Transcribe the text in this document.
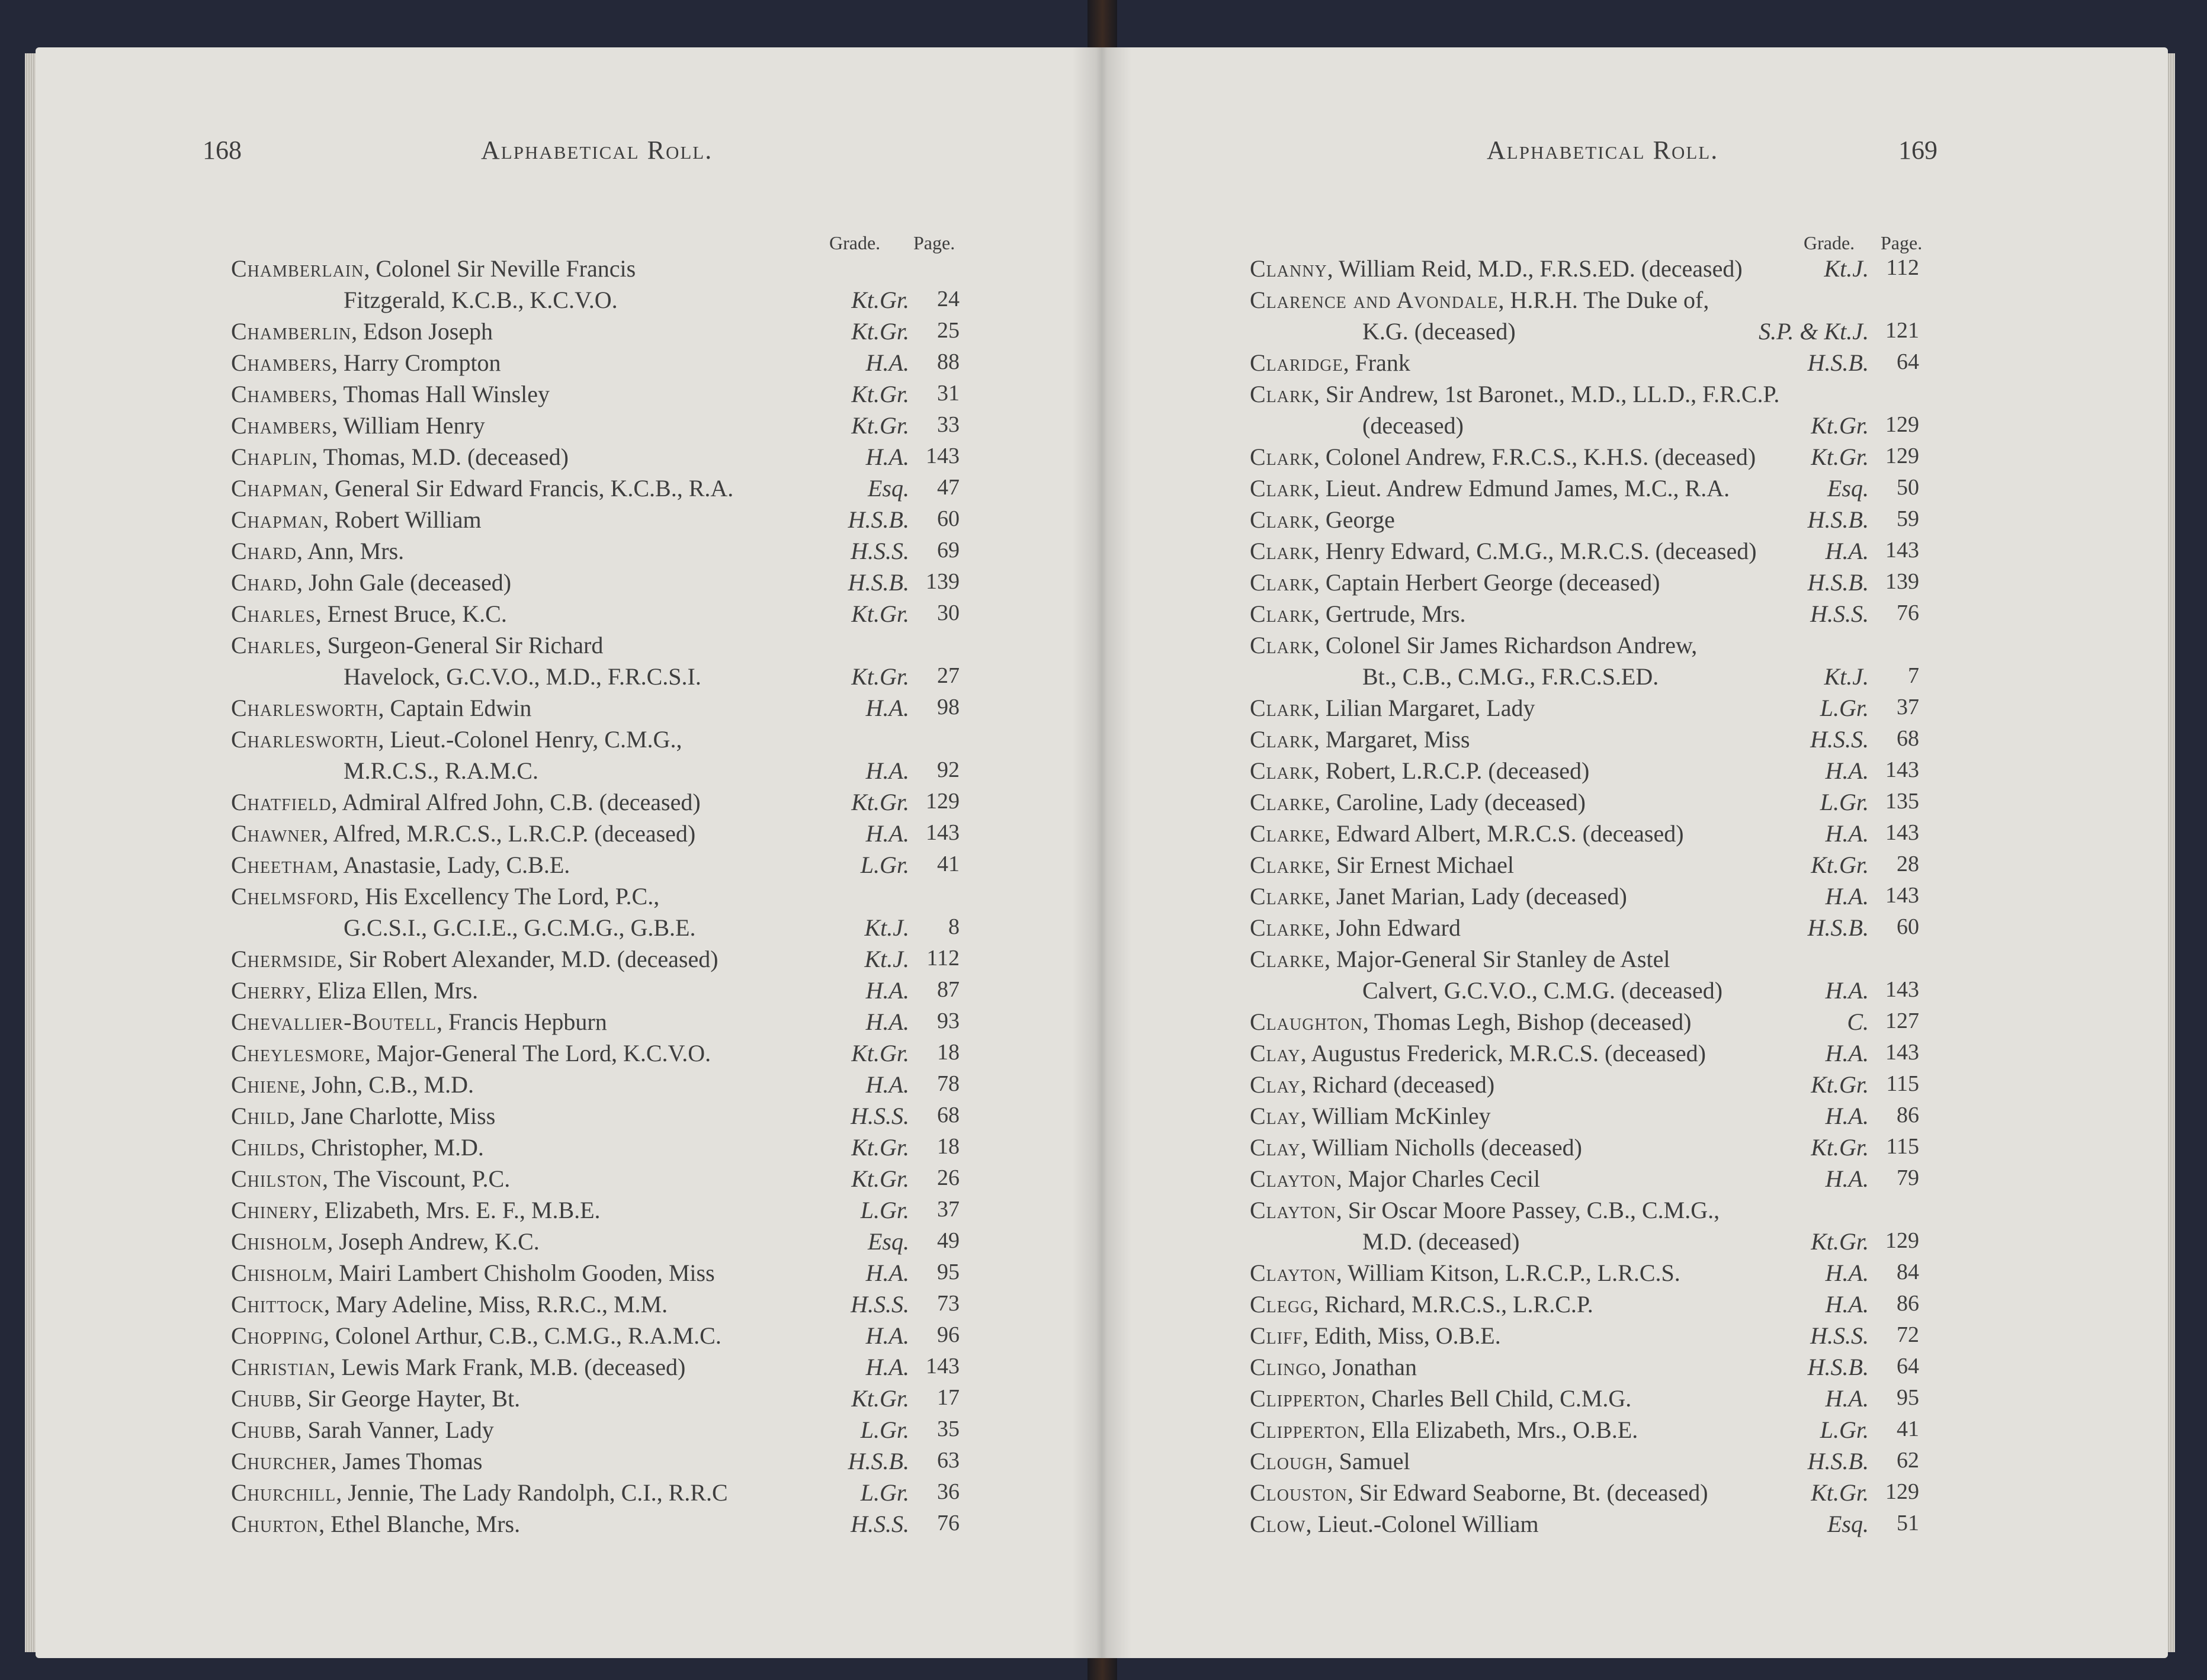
168	Alphabetical Roll.
Grade. Page.
Chamberlain, Colonel Sir Neville Francis
Fitzgerald, K.C.B., K.C.V.O.	Kt.Gr.	24
Chamberlin, Edson Joseph	Kt.Gr.	25
Chambers, Harry Crompton	H.A.	88
Chambers, Thomas Hall Winsley	Kt.Gr.	31
Chambers, William Henry	Kt.Gr.	33
Chaplin, Thomas, M.D. (deceased)	H.A. 143
Chapman, General Sir Edward Francis, K.C.B., R.A.	Esq.	47
Chapman, Robert William	H.S.B.	60
Chard, Ann, Mrs.	H.S.S.	69
Chard, John Gale (deceased)	H.S.B. 139
Charles, Ernest Bruce, K.C.	Kt.Gr.	30
Charles, Surgeon-General Sir Richard
Havelock, G.C.V.O., M.D., F.R.C.S.I.	Kt.Gr.	27
Charlesworth, Captain Edwin	H.A.	98
Charlesworth, Lieut.-Colonel Henry, C.M.G.,
M.R.C.S., R.A.M.C.	H.A.	92
Chatfield, Admiral Alfred John, C.B. (deceased)	Kt.Gr. 129
Chawner, Alfred, M.R.C.S., L.R.C.P. (deceased)	H.A. 143
Cheetham, Anastasie, Lady, C.B.E.	L.Gr.	41
Chelmsford, His Excellency The Lord, P.C.,
G.C.S.I., G.C.I.E., G.C.M.G., G.B.E.	Kt.J.	8
Chermside, Sir Robert Alexander, M.D. (deceased)	Kt.J. 112
Cherry, Eliza Ellen, Mrs.	H.A.	87
Chevallier-Boutell, Francis Hepburn	H.A.	93
Cheylesmore, Major-General The Lord, K.C.V.O.	Kt.Gr.	18
Chiene, John, C.B., M.D.	H.A.	78
Child, Jane Charlotte, Miss	H.S.S.	68
Childs, Christopher, M.D.	Kt.Gr.	18
Chilston, The Viscount, P.C.	Kt.Gr.	26
Chinery, Elizabeth, Mrs. E. F., M.B.E.	L.Gr.	37
Chisholm, Joseph Andrew, K.C.	Esq.	49
Chisholm, Mairi Lambert Chisholm Gooden, Miss	H.A.	95
Chittock, Mary Adeline, Miss, R.R.C., M.M.	H.S.S.	73
Chopping, Colonel Arthur, C.B., C.M.G., R.A.M.C.	H.A.	96
Christian, Lewis Mark Frank, M.B. (deceased)	H.A. 143
Chubb, Sir George Hayter, Bt.	Kt.Gr.	17
Chubb, Sarah Vanner, Lady	L.Gr.	35
Churcher, James Thomas	H.S.B.	63
Churchill, Jennie, The Lady Randolph, C.I., R.R.C	L.Gr.	36
Churton, Ethel Blanche, Mrs.	H.S.S.	76
Alphabetical Roll.	169
Grade. Page.
Clanny, William Reid, M.D., F.R.S.ED. (deceased)	Kt.J. 112
Clarence and Avondale, H.R.H. The Duke of,
K.G. (deceased)	S.P. & Kt.J. 121
Claridge, Frank	H.S.B.	64
Clark, Sir Andrew, 1st Baronet., M.D., LL.D., F.R.C.P.
(deceased)	Kt.Gr. 129
Clark, Colonel Andrew, F.R.C.S., K.H.S. (deceased)	Kt.Gr. 129
Clark, Lieut. Andrew Edmund James, M.C., R.A.	Esq.	50
Clark, George	H.S.B.	59
Clark, Henry Edward, C.M.G., M.R.C.S. (deceased)	H.A. 143
Clark, Captain Herbert George (deceased)	H.S.B. 139
Clark, Gertrude, Mrs.	H.S.S.	76
Clark, Colonel Sir James Richardson Andrew,
Bt., C.B., C.M.G., F.R.C.S.ED.	Kt.J.	7
Clark, Lilian Margaret, Lady	L.Gr.	37
Clark, Margaret, Miss	H.S.S.	68
Clark, Robert, L.R.C.P. (deceased)	H.A. 143
Clarke, Caroline, Lady (deceased)	L.Gr. 135
Clarke, Edward Albert, M.R.C.S. (deceased)	H.A. 143
Clarke, Sir Ernest Michael	Kt.Gr.	28
Clarke, Janet Marian, Lady (deceased)	H.A. 143
Clarke, John Edward	H.S.B.	60
Clarke, Major-General Sir Stanley de Astel
Calvert, G.C.V.O., C.M.G. (deceased)	H.A. 143
Claughton, Thomas Legh, Bishop (deceased)	C. 127
Clay, Augustus Frederick, M.R.C.S. (deceased)	H.A. 143
Clay, Richard (deceased)	Kt.Gr. 115
Clay, William McKinley	H.A.	86
Clay, William Nicholls (deceased)	Kt.Gr. 115
Clayton, Major Charles Cecil	H.A.	79
Clayton, Sir Oscar Moore Passey, C.B., C.M.G.,
M.D. (deceased)	Kt.Gr. 129
Clayton, William Kitson, L.R.C.P., L.R.C.S.	H.A.	84
Clegg, Richard, M.R.C.S., L.R.C.P.	H.A.	86
Cliff, Edith, Miss, O.B.E.	H.S.S.	72
Clingo, Jonathan	H.S.B.	64
Clipperton, Charles Bell Child, C.M.G.	H.A.	95
Clipperton, Ella Elizabeth, Mrs., O.B.E.	L.Gr.	41
Clough, Samuel	H.S.B.	62
Clouston, Sir Edward Seaborne, Bt. (deceased)	Kt.Gr. 129
Clow, Lieut.-Colonel William	Esq.	51
